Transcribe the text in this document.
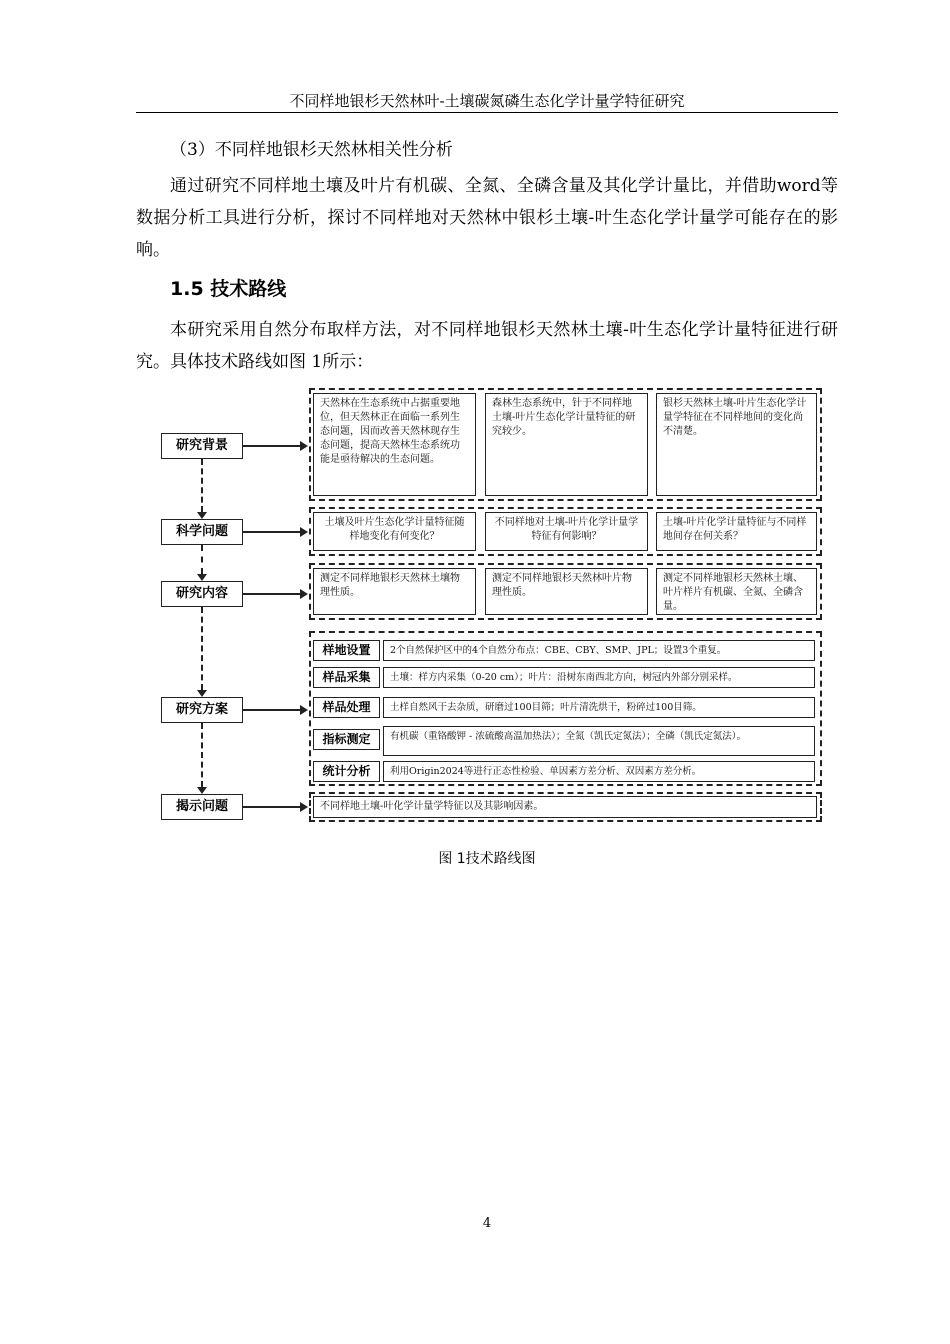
不同样地银杉天然林叶-土壤碳氮磷生态化学计量学特征研究
（3）不同样地银杉天然林相关性分析
通过研究不同样地土壤及叶片有机碳、全氮、全磷含量及其化学计量比，并借助word等数据分析工具进行分析，探讨不同样地对天然林中银杉土壤-叶生态化学计量学可能存在的影响。
1.5 技术路线
本研究采用自然分布取样方法，对不同样地银杉天然林土壤-叶生态化学计量特征进行研究。具体技术路线如图 1所示：
研究背景
科学问题
研究内容
研究方案
揭示问题
天然林在生态系统中占据重要地位，但天然林正在面临一系列生态问题，因而改善天然林现存生态问题，提高天然林生态系统功能是亟待解决的生态问题。
森林生态系统中，针于不同样地土壤-叶片生态化学计量特征的研究较少。
银杉天然林土壤-叶片生态化学计量学特征在不同样地间的变化尚不清楚。
土壤及叶片生态化学计量特征随样地变化有何变化？
不同样地对土壤-叶片化学计量学特征有何影响？
土壤-叶片化学计量特征与不同样地间存在何关系？
测定不同样地银杉天然林土壤物理性质。
测定不同样地银杉天然林叶片物理性质。
测定不同样地银杉天然林土壤、叶片样片有机碳、全氮、全磷含量。
样地设置	2个自然保护区中的4个自然分布点：CBE、CBY、SMP、JPL；设置3个重复。
样品采集	土壤：样方内采集（0-20 cm）；叶片：沿树东南西北方向，树冠内外部分别采样。
样品处理	土样自然风干去杂质，研磨过100目筛；叶片清洗烘干，粉碎过100目筛。
指标测定	有机碳（重铬酸钾 - 浓硫酸高温加热法）；全氮（凯氏定氮法）；全磷（凯氏定氮法）。
统计分析	利用Origin2024等进行正态性检验、单因素方差分析、双因素方差分析。
不同样地土壤-叶化学计量学特征以及其影响因素。
图 1技术路线图
4
